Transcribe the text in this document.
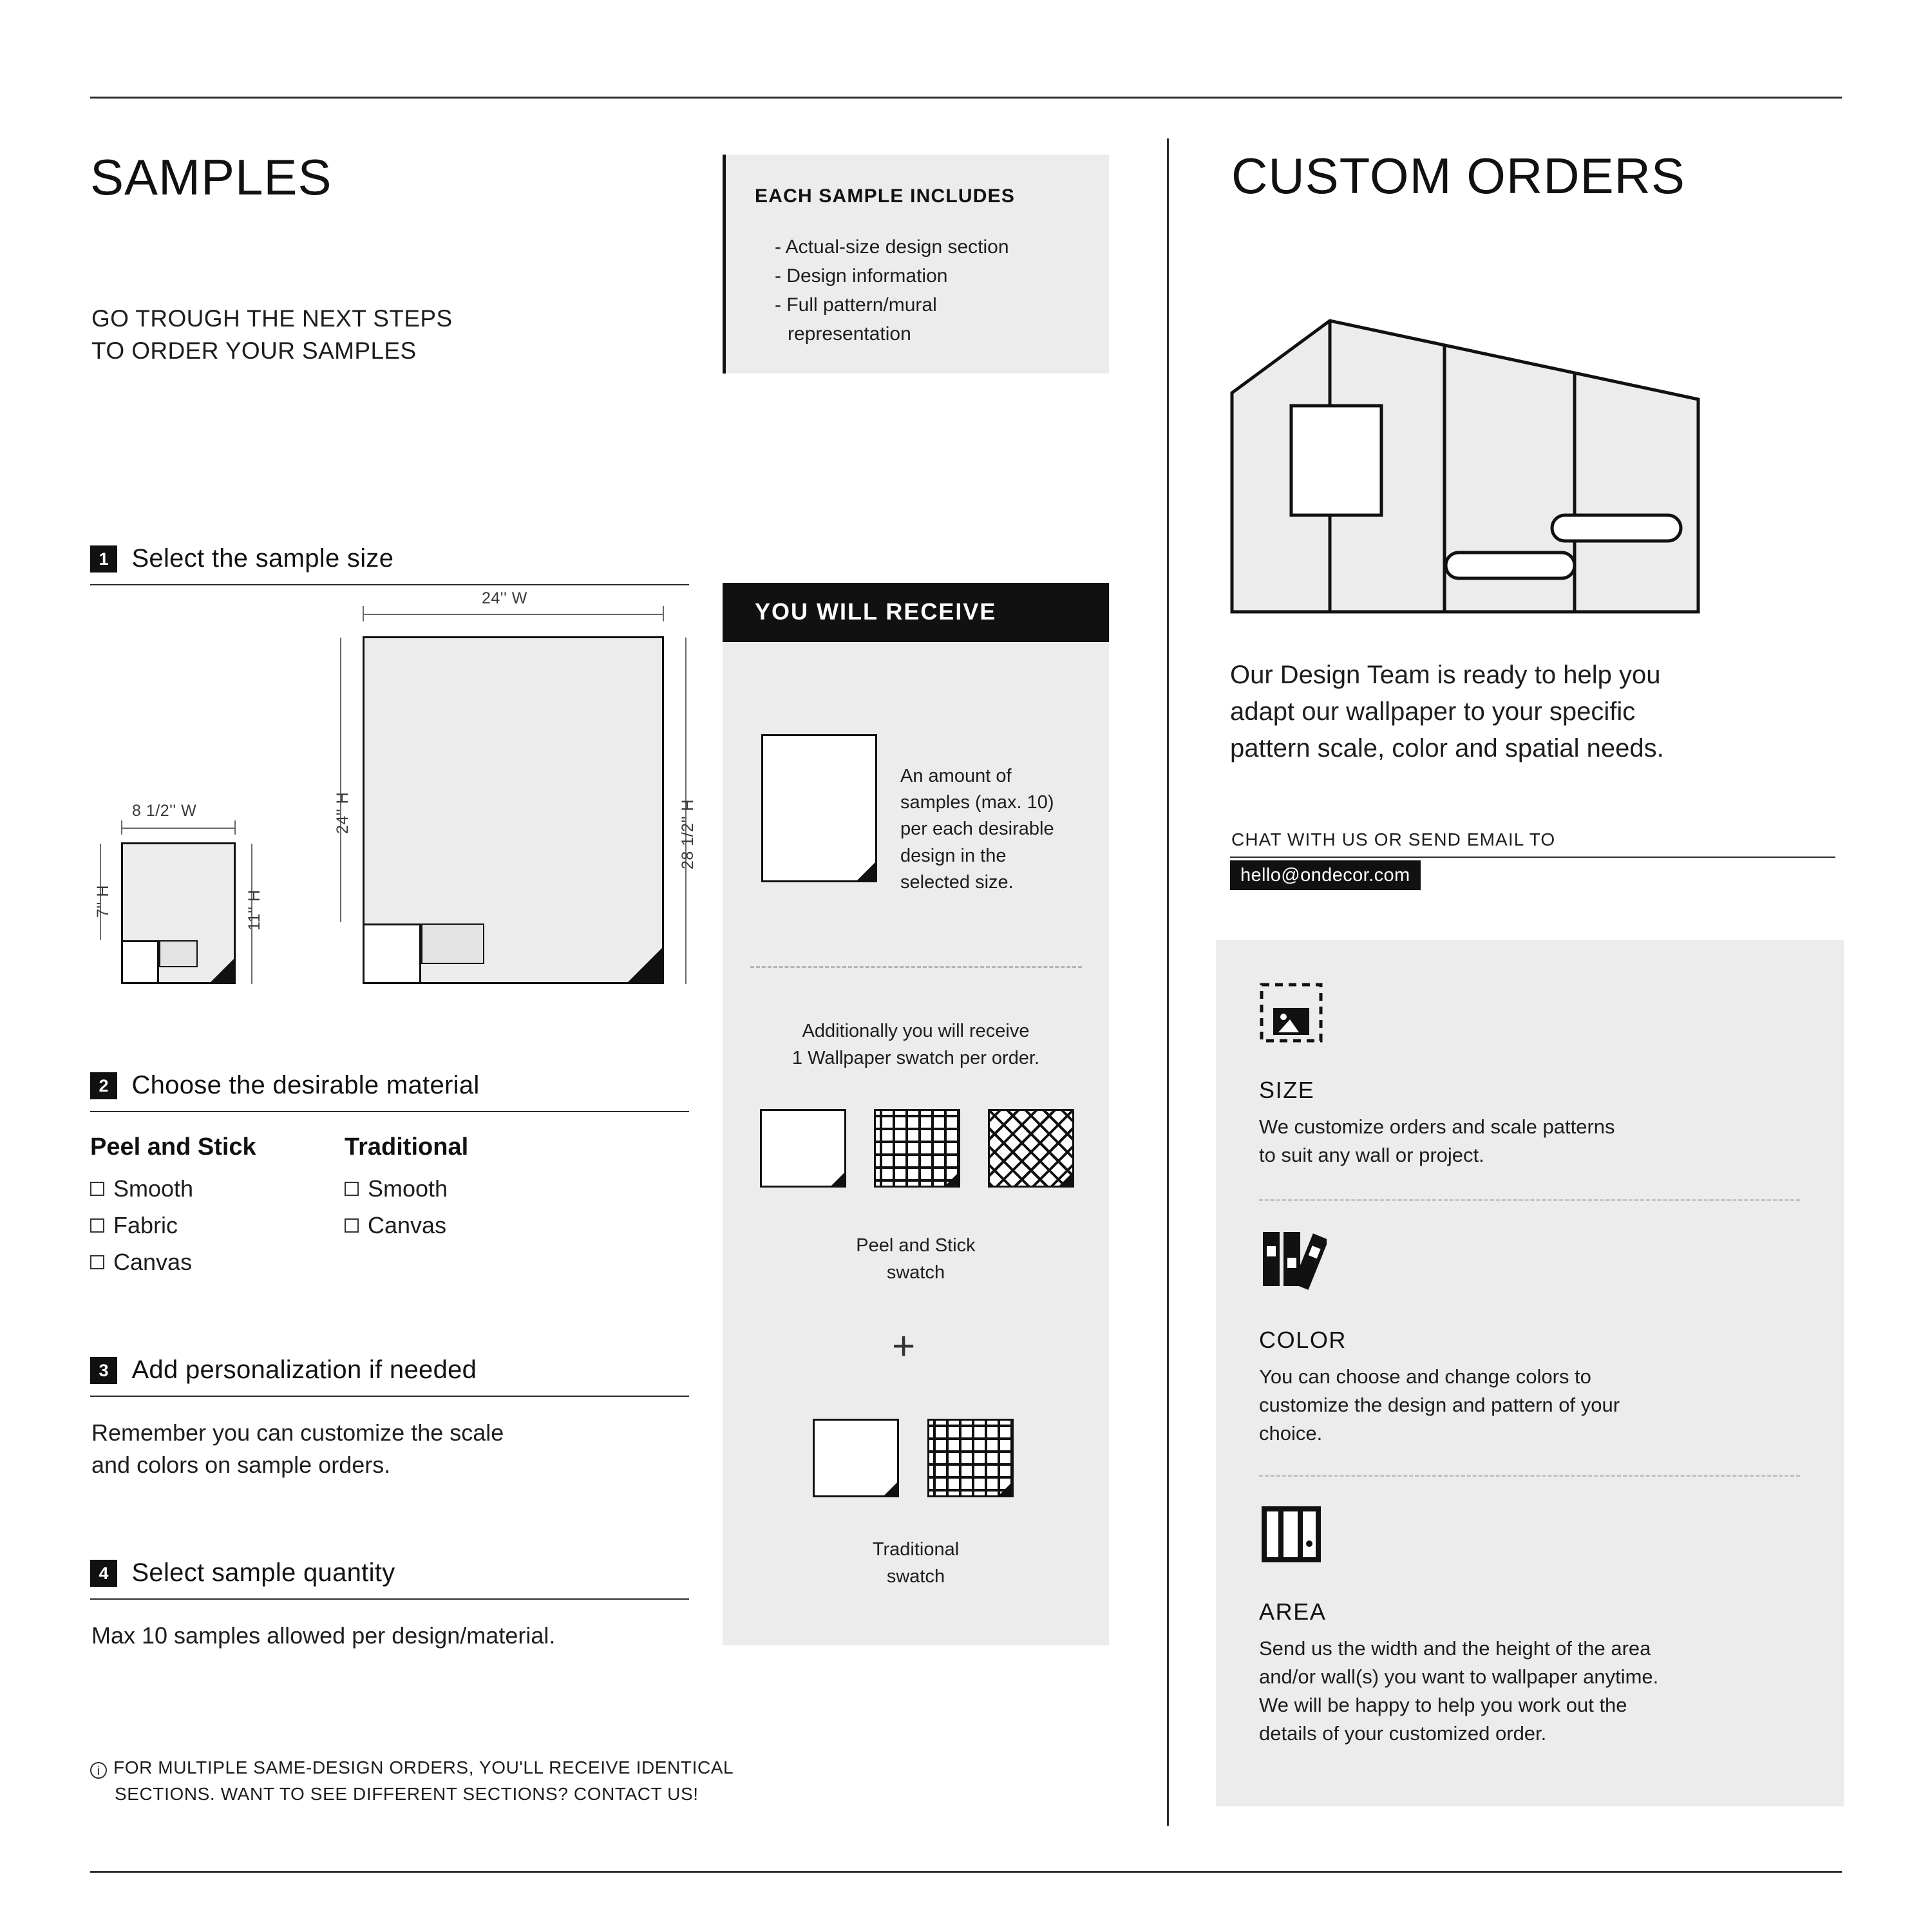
SAMPLES
GO TROUGH THE NEXT STEPS
TO ORDER YOUR SAMPLES
EACH SAMPLE INCLUDES
- Actual-size design section
- Design information
- Full pattern/mural
representation
1 Select the sample size
24'' W
24'' H	28 1/2'' H
8 1/2'' W
7'' H	11'' H
2 Choose the desirable material
Peel and Stick
Smooth
Fabric
Canvas
Traditional
Smooth
Canvas
3 Add personalization if needed
Remember you can customize the scale
and colors on sample orders.
4 Select sample quantity
Max 10 samples allowed per design/material.
i FOR MULTIPLE SAME-DESIGN ORDERS, YOU'LL RECEIVE IDENTICAL
SECTIONS. WANT TO SEE DIFFERENT SECTIONS? CONTACT US!
YOU WILL RECEIVE
An amount of
samples (max. 10)
per each desirable
design in the
selected size.
Additionally you will receive
1 Wallpaper swatch per order.
Peel and Stick
swatch
+
Traditional
swatch
CUSTOM ORDERS
Our Design Team is ready to help you
adapt our wallpaper to your specific
pattern scale, color and spatial needs.
CHAT WITH US OR SEND EMAIL TO
hello@ondecor.com
SIZE
We customize orders and scale patterns
to suit any wall or project.
COLOR
You can choose and change colors to
customize the design and pattern of your
choice.
AREA
Send us the width and the height of the area
and/or wall(s) you want to wallpaper anytime.
We will be happy to help you work out the
details of your customized order.
